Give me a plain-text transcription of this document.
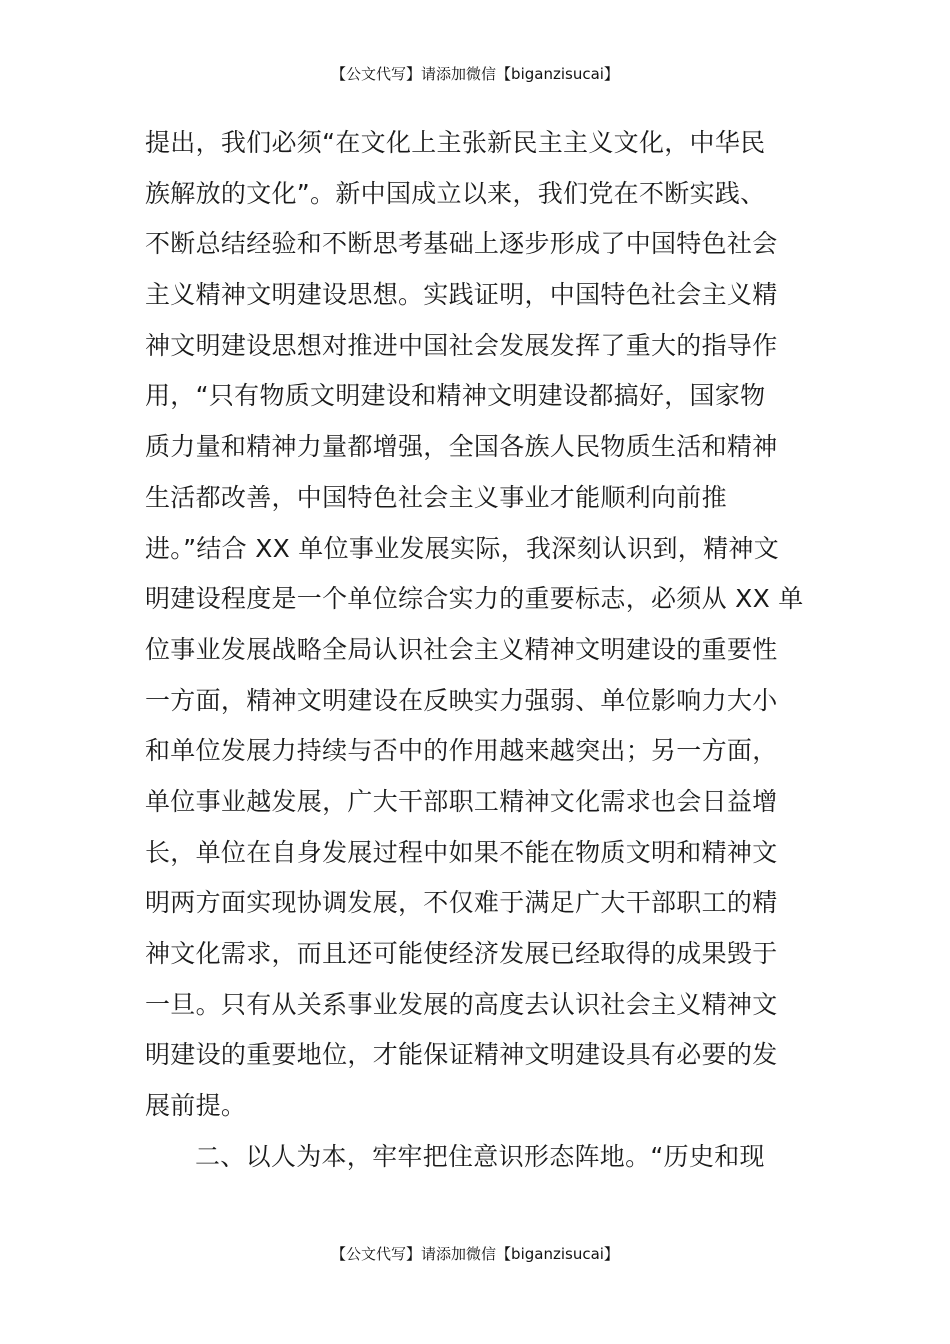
【公文代写】请添加微信【biganzisucai】
提出，我们必须“在文化上主张新民主主义文化，中华民
族解放的文化”。新中国成立以来，我们党在不断实践、
不断总结经验和不断思考基础上逐步形成了中国特色社会
主义精神文明建设思想。实践证明，中国特色社会主义精
神文明建设思想对推进中国社会发展发挥了重大的指导作
用，“只有物质文明建设和精神文明建设都搞好，国家物
质力量和精神力量都增强，全国各族人民物质生活和精神
生活都改善，中国特色社会主义事业才能顺利向前推
进。”结合 XX 单位事业发展实际，我深刻认识到，精神文
明建设程度是一个单位综合实力的重要标志，必须从 XX 单
位事业发展战略全局认识社会主义精神文明建设的重要性
一方面，精神文明建设在反映实力强弱、单位影响力大小
和单位发展力持续与否中的作用越来越突出；另一方面，
单位事业越发展，广大干部职工精神文化需求也会日益增
长，单位在自身发展过程中如果不能在物质文明和精神文
明两方面实现协调发展，不仅难于满足广大干部职工的精
神文化需求，而且还可能使经济发展已经取得的成果毁于
一旦。只有从关系事业发展的高度去认识社会主义精神文
明建设的重要地位，才能保证精神文明建设具有必要的发
展前提。
二、以人为本，牢牢把住意识形态阵地。“历史和现
【公文代写】请添加微信【biganzisucai】
